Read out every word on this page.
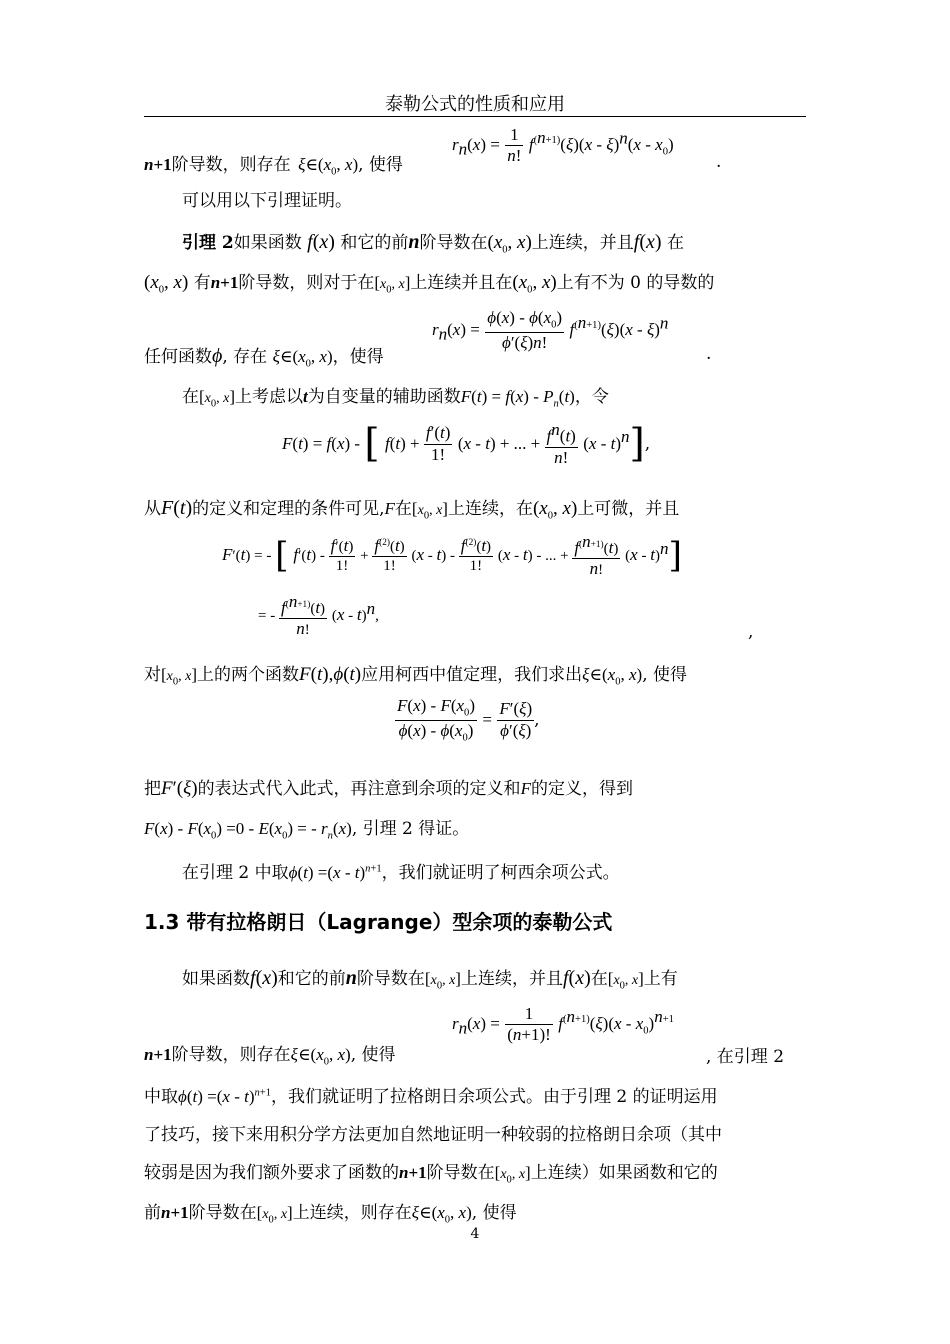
泰勒公式的性质和应用
n+1阶导数，则存在 $\xi\in(x_0$, x), 使得
$r_n(x) = \frac{1}{n!} f^{(n+1)}(\xi)(x - \xi)^n(x - x_0)$
.
可以用以下引理证明。
引理 2如果函数 f(x) 和它的前n阶导数在($x_0$, x)上连续，并且f(x) 在
($x_0$, x) 有n+1阶导数，则对于在[$x_0$, x]上连续并且在($x_0$, x)上有不为 0 的导数的
任何函数ϕ, 存在 $\xi\in(x_0$, x)，使得
$r_n(x) = \frac{\phi(x) - \phi(x_0)}{\phi'(\xi)n!} f^{(n+1)}(\xi)(x - \xi)^n$
.
在[$x_0$, x]上考虑以t为自变量的辅助函数$F(t) = f(x) - P_n(t)$，令
F(t) = f(x) - [ $f(t) + \frac{f'(t)}{1!} (x - t)$ + ... + $\frac{f^n(t)}{n!} (x - t)^n$],
从F(t)的定义和定理的条件可见,F在[$x_0$, x]上连续，在($x_0$, x)上可微，并且
F′(t) = - [ $f'(t) - \frac{f'(t)}{1!} + \frac{f^{(2)}(t)}{1!} (x - t) - \frac{f^{(2)}(t)}{1!} (x - t)$ - ... + $\frac{f^{(n+1)}(t)}{n!} (x - t)^n$]
= - $\frac{f^{(n+1)}(t)}{n!} (x - t)^n$,
,
对[$x_0$, x]上的两个函数F(t),ϕ(t)应用柯西中值定理，我们求出$\xi\in(x_0$, x), 使得
$\frac{F(x) - F(x_0)}{\phi(x) - \phi(x_0)} = \frac{F'(\xi)}{\phi'(\xi)}$ ,
把F′(ξ)的表达式代入此式，再注意到余项的定义和F的定义，得到
$F(x) - F(x_0) =0 - E(x_0)$ = - $r_n(x)$, 引理 2 得证。
在引理 2 中取ϕ(t) =(x - t)$^{n+1}$，我们就证明了柯西余项公式。
1.3 带有拉格朗日（Lagrange）型余项的泰勒公式
如果函数f(x)和它的前n阶导数在[$x_0$, x]上连续，并且f(x)在[$x_0$, x]上有
n+1阶导数，则存在$\xi\in(x_0$, x), 使得
$r_n(x) = \frac{1}{(n+1)!} f^{(n+1)}(\xi)(x - x_0)^{n+1}$
, 在引理 2
中取ϕ(t) =(x - t)$^{n+1}$，我们就证明了拉格朗日余项公式。由于引理 2 的证明运用
了技巧，接下来用积分学方法更加自然地证明一种较弱的拉格朗日余项（其中
较弱是因为我们额外要求了函数的n+1阶导数在[$x_0$, x]上连续）如果函数和它的
前n+1阶导数在[$x_0$, x]上连续，则存在$\xi\in(x_0$, x), 使得
4
